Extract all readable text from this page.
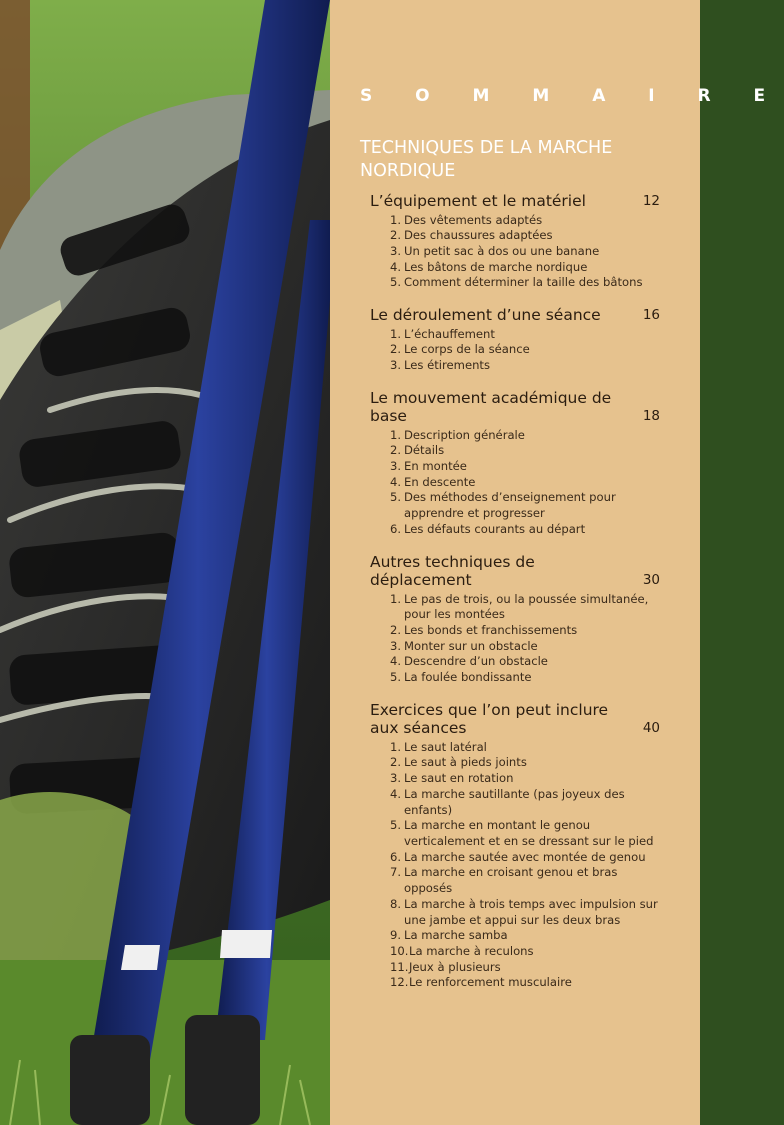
S O M M A I R E
TECHNIQUES DE LA MARCHE NORDIQUE
L’équipement et le matériel	12
1. Des vêtements adaptés
2. Des chaussures adaptées
3. Un petit sac à dos ou une banane
4. Les bâtons de marche nordique
5. Comment déterminer la taille des bâtons
Le déroulement d’une séance	16
1. L’échauffement
2. Le corps de la séance
3. Les étirements
Le mouvement académique de base	18
1. Description générale
2. Détails
3. En montée
4. En descente
5. Des méthodes d’enseignement pour apprendre et progresser
6. Les défauts courants au départ
Autres techniques de déplacement	30
1. Le pas de trois, ou la poussée simultanée, pour les montées
2. Les bonds et franchissements
3. Monter sur un obstacle
4. Descendre d’un obstacle
5. La foulée bondissante
Exercices que l’on peut inclure aux séances	40
1. Le saut latéral
2. Le saut à pieds joints
3. Le saut en rotation
4. La marche sautillante (pas joyeux des enfants)
5. La marche en montant le genou verticalement et en se dressant sur le pied
6. La marche sautée avec montée de genou
7. La marche en croisant genou et bras opposés
8. La marche à trois temps avec impulsion sur une jambe et appui sur les deux bras
9. La marche samba
10. La marche à reculons
11. Jeux à plusieurs
12. Le renforcement musculaire
